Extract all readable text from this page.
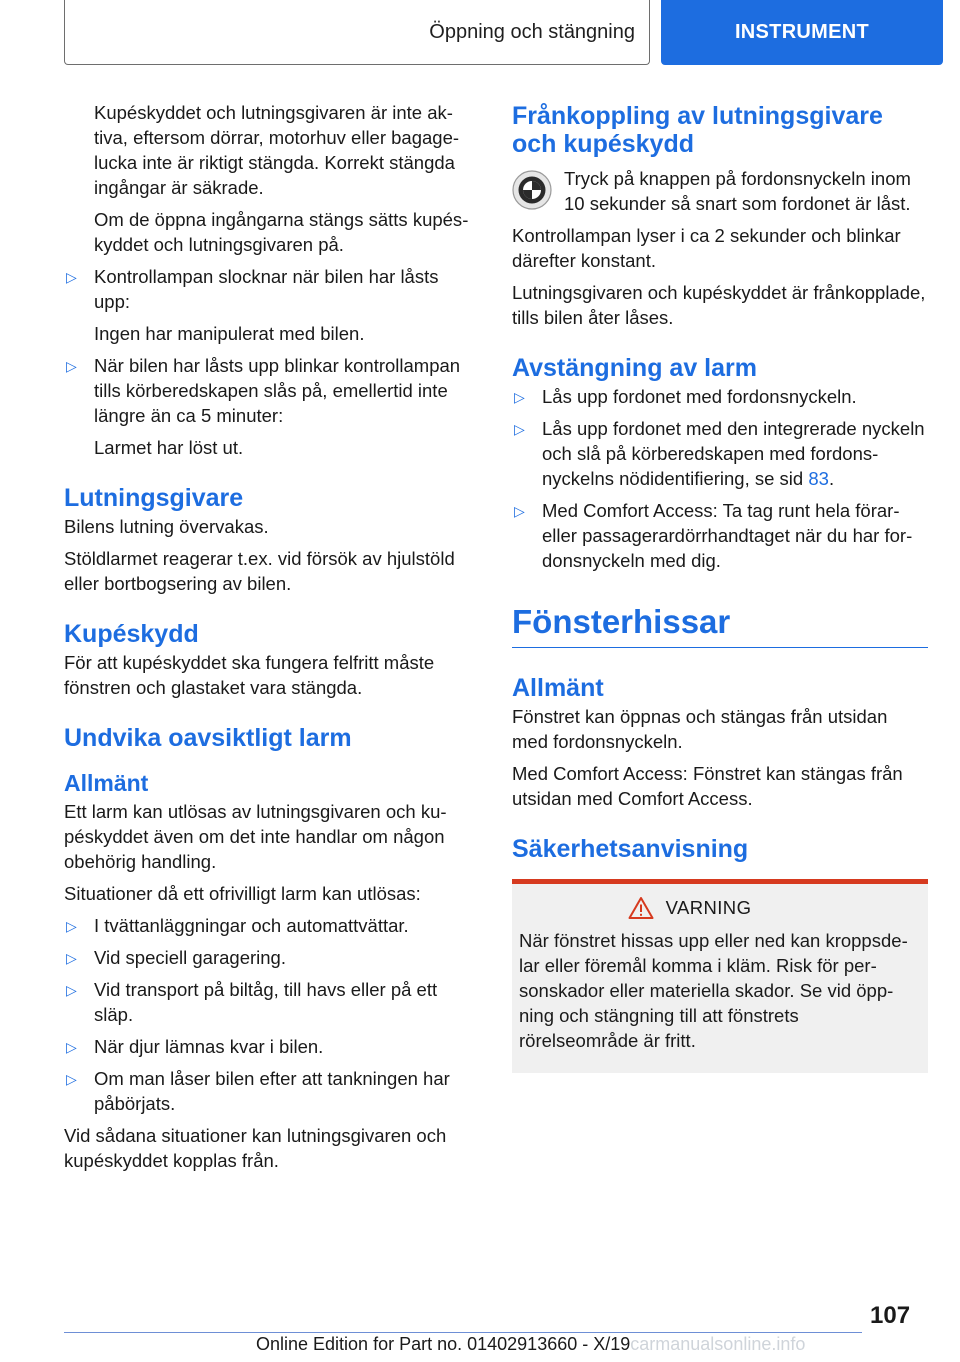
Öppning och stängning	INSTRUMENT

Kupéskyddet och lutningsgivaren är inte aktiva, eftersom dörrar, motorhuv eller bagagelucka inte är riktigt stängda. Korrekt stängda ingångar är säkrade.

Om de öppna ingångarna stängs sätts kupéskyddet och lutningsgivaren på.

▷ Kontrollampan slocknar när bilen har låsts upp:

Ingen har manipulerat med bilen.

▷ När bilen har låsts upp blinkar kontrollampan tills körberedskapen slås på, emellertid inte längre än ca 5 minuter:

Larmet har löst ut.

Lutningsgivare

Bilens lutning övervakas.

Stöldlarmet reagerar t.ex. vid försök av hjulstöld eller bortbogsering av bilen.

Kupéskydd

För att kupéskyddet ska fungera felfritt måste fönstren och glastaket vara stängda.

Undvika oavsiktligt larm
Allmänt

Ett larm kan utlösas av lutningsgivaren och kupéskyddet även om det inte handlar om någon obehörig handling.

Situationer då ett ofrivilligt larm kan utlösas:

▷ I tvättanläggningar och automattvättar.
▷ Vid speciell garagering.
▷ Vid transport på biltåg, till havs eller på ett släp.
▷ När djur lämnas kvar i bilen.
▷ Om man låser bilen efter att tankningen har påbörjats.

Vid sådana situationer kan lutningsgivaren och kupéskyddet kopplas från.

Frånkoppling av lutningsgivare och kupéskydd

Tryck på knappen på fordonsnyckeln inom 10 sekunder så snart som fordonet är låst.

Kontrollampan lyser i ca 2 sekunder och blinkar därefter konstant.

Lutningsgivaren och kupéskyddet är frånkopplade, tills bilen åter låses.

Avstängning av larm
▷ Lås upp fordonet med fordonsnyckeln.
▷ Lås upp fordonet med den integrerade nyckeln och slå på körberedskapen med fordonsnyckelns nödidentifiering, se sid 83.
▷ Med Comfort Access: Ta tag runt hela förar- eller passagerardörrhandtaget när du har fordonsnyckeln med dig.
Fönsterhissar
Allmänt

Fönstret kan öppnas och stängas från utsidan med fordonsnyckeln.

Med Comfort Access: Fönstret kan stängas från utsidan med Comfort Access.

Säkerhetsanvisning
VARNING

När fönstret hissas upp eller ned kan kroppsdelar eller föremål komma i kläm. Risk för personskador eller materiella skador. Se vid öppning och stängning till att fönstrets rörelseområde är fritt.

107
Online Edition for Part no. 01402913660 - X/19carmanualsonline.info
